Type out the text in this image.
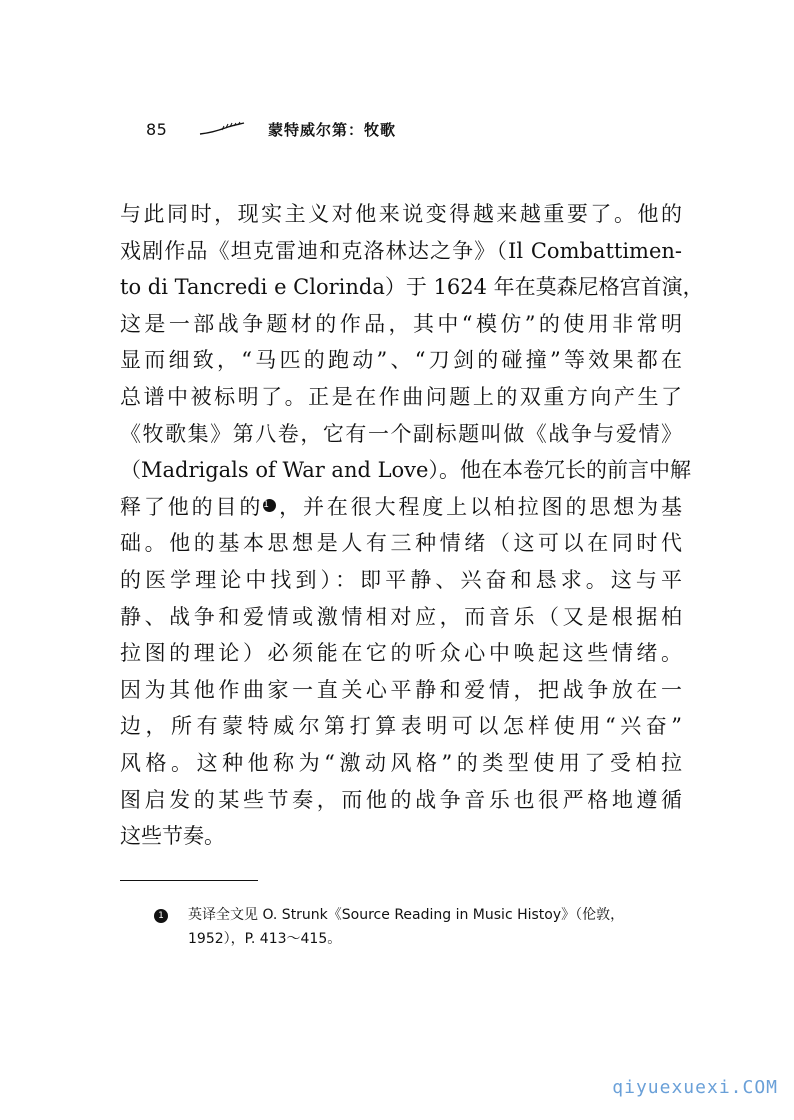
85	蒙特威尔第：牧歌
与此同时，现实主义对他来说变得越来越重要了。他的
戏剧作品《坦克雷迪和克洛林达之争》（Il Combattimen-
to di Tancredi e Clorinda）于 1624 年在莫森尼格宫首演，
这是一部战争题材的作品，其中“模仿”的使用非常明
显而细致，“马匹的跑动”、“刀剑的碰撞”等效果都在
总谱中被标明了。正是在作曲问题上的双重方向产生了
《牧歌集》第八卷，它有一个副标题叫做《战争与爱情》
（Madrigals of War and Love）。他在本卷冗长的前言中解
释了他的目的1 ，并在很大程度上以柏拉图的思想为基
础。他的基本思想是人有三种情绪（这可以在同时代
的医学理论中找到）：即平静、兴奋和恳求。这与平
静、战争和爱情或激情相对应，而音乐（又是根据柏
拉图的理论）必须能在它的听众心中唤起这些情绪。
因为其他作曲家一直关心平静和爱情，把战争放在一
边，所有蒙特威尔第打算表明可以怎样使用“兴奋”
风格。这种他称为“激动风格”的类型使用了受柏拉
图启发的某些节奏，而他的战争音乐也很严格地遵循
这些节奏。
1	英译全文见 O. Strunk《Source Reading in Music Histoy》（伦敦，
1952），P. 413～415。
qiyuexuexi.COM
